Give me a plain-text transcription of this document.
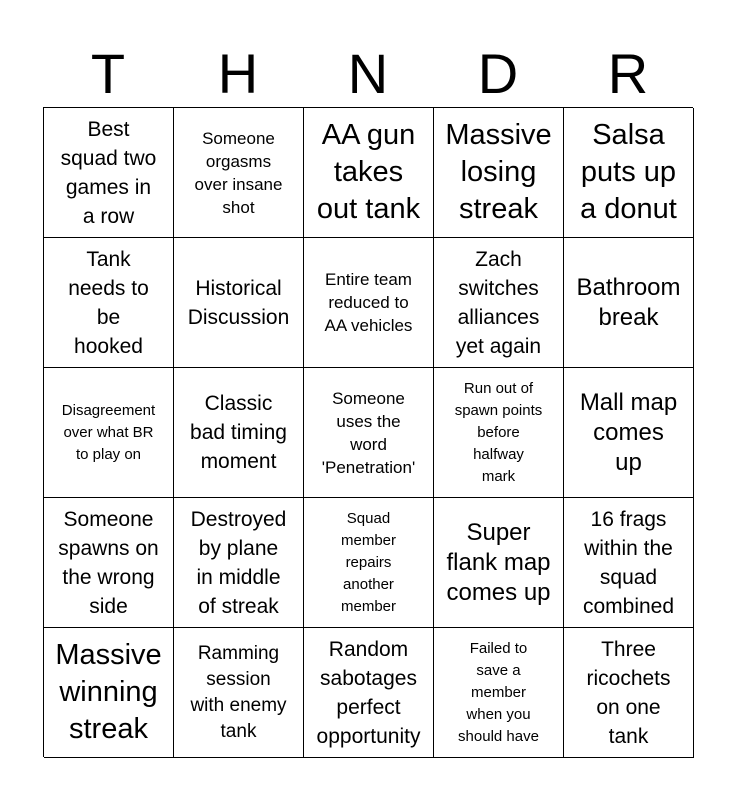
T	H	N	D	R
Best
squad two
games in
a row
Someone
orgasms
over insane
shot
AA gun
takes
out tank
Massive
losing
streak
Salsa
puts up
a donut
Tank
needs to
be
hooked
Historical
Discussion
Entire team
reduced to
AA vehicles
Zach
switches
alliances
yet again
Bathroom
break
Disagreement
over what BR
to play on
Classic
bad timing
moment
Someone
uses the
word
'Penetration'
Run out of
spawn points
before
halfway
mark
Mall map
comes
up
Someone
spawns on
the wrong
side
Destroyed
by plane
in middle
of streak
Squad
member
repairs
another
member
Super
flank map
comes up
16 frags
within the
squad
combined
Massive
winning
streak
Ramming
session
with enemy
tank
Random
sabotages
perfect
opportunity
Failed to
save a
member
when you
should have
Three
ricochets
on one
tank
